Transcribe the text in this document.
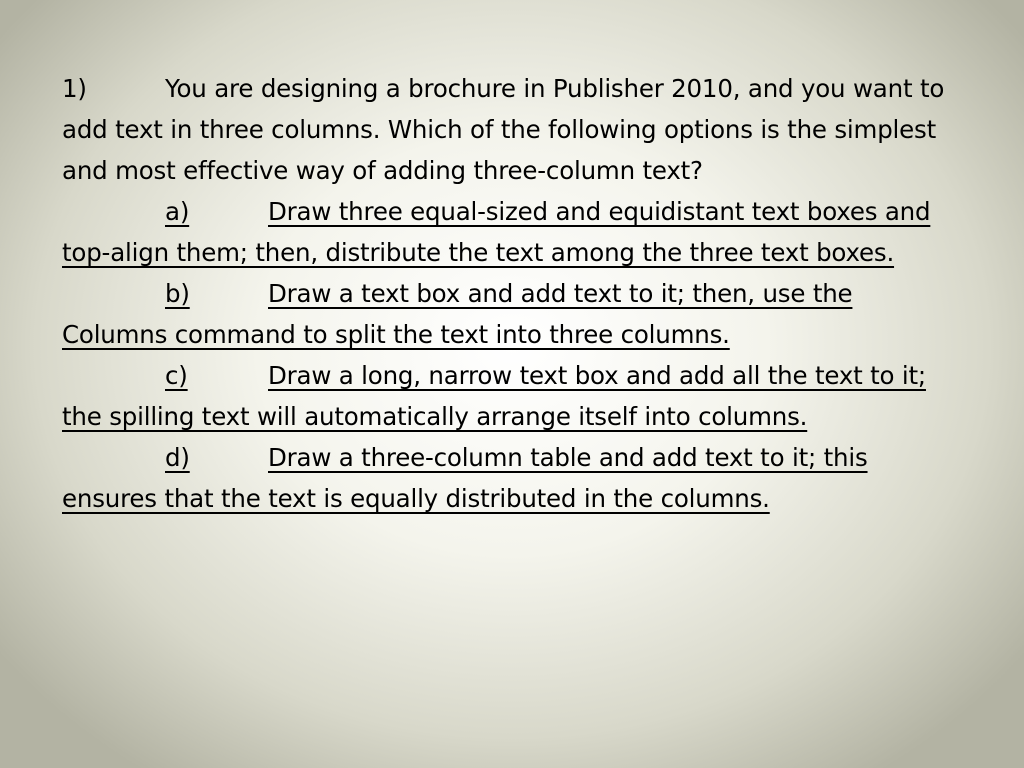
1)	You are designing a brochure in Publisher 2010, and you want to add text in three columns. Which of the following options is the simplest and most effective way of adding three-column text?

a)	Draw three equal-sized and equidistant text boxes and top-align them; then, distribute the text among the three text boxes.

b)	Draw a text box and add text to it; then, use the Columns command to split the text into three columns.

c)	Draw a long, narrow text box and add all the text to it; the spilling text will automatically arrange itself into columns.

d)	Draw a three-column table and add text to it; this ensures that the text is equally distributed in the columns.
